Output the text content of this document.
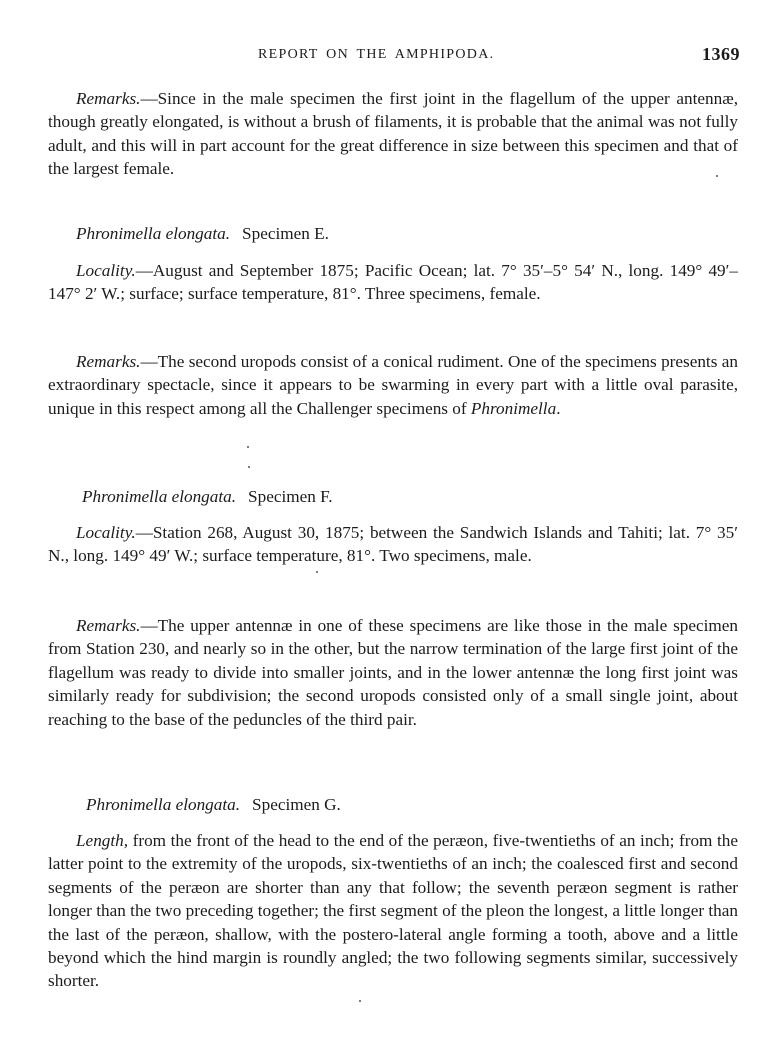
REPORT ON THE AMPHIPODA.	1369

Remarks.—Since in the male specimen the first joint in the flagellum of the upper antennæ, though greatly elongated, is without a brush of filaments, it is probable that the animal was not fully adult, and this will in part account for the great difference in size between this specimen and that of the largest female.

Phronimella elongata. Specimen E.

Locality.—August and September 1875; Pacific Ocean; lat. 7° 35′–5° 54′ N., long. 149° 49′–147° 2′ W.; surface; surface temperature, 81°. Three specimens, female.

Remarks.—The second uropods consist of a conical rudiment. One of the specimens presents an extraordinary spectacle, since it appears to be swarming in every part with a little oval parasite, unique in this respect among all the Challenger specimens of Phronimella.

Phronimella elongata. Specimen F.

Locality.—Station 268, August 30, 1875; between the Sandwich Islands and Tahiti; lat. 7° 35′ N., long. 149° 49′ W.; surface temperature, 81°. Two specimens, male.

Remarks.—The upper antennæ in one of these specimens are like those in the male specimen from Station 230, and nearly so in the other, but the narrow termination of the large first joint of the flagellum was ready to divide into smaller joints, and in the lower antennæ the long first joint was similarly ready for subdivision; the second uropods consisted only of a small single joint, about reaching to the base of the peduncles of the third pair.

Phronimella elongata. Specimen G.

Length, from the front of the head to the end of the peræon, five-twentieths of an inch; from the latter point to the extremity of the uropods, six-twentieths of an inch; the coalesced first and second segments of the peræon are shorter than any that follow; the seventh peræon segment is rather longer than the two preceding together; the first segment of the pleon the longest, a little longer than the last of the peræon, shallow, with the postero-lateral angle forming a tooth, above and a little beyond which the hind margin is roundly angled; the two following segments similar, successively shorter.
